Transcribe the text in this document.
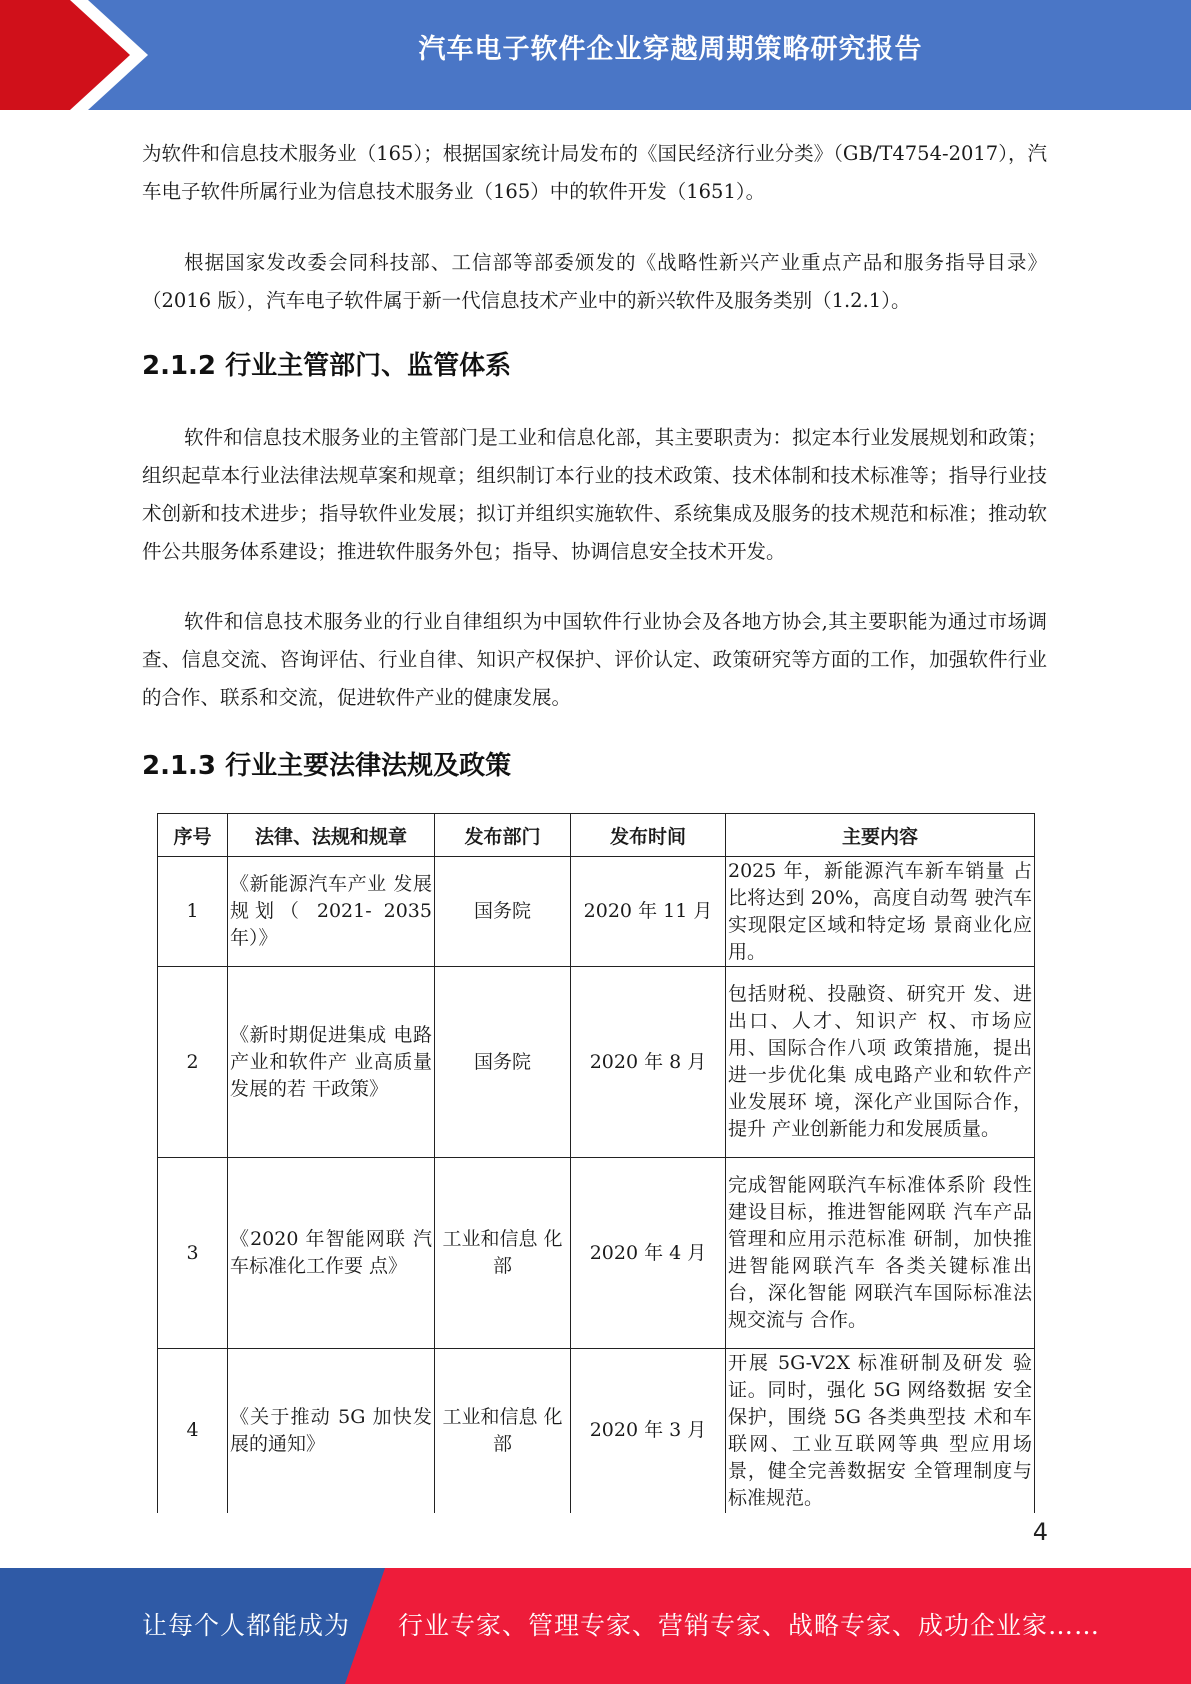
汽车电子软件企业穿越周期策略研究报告

为软件和信息技术服务业（165）；根据国家统计局发布的《国民经济行业分类》（GB/T4754-2017），汽车电子软件所属行业为信息技术服务业（165）中的软件开发（1651）。

根据国家发改委会同科技部、工信部等部委颁发的《战略性新兴产业重点产品和服务指导目录》（2016 版），汽车电子软件属于新一代信息技术产业中的新兴软件及服务类别（1.2.1）。

2.1.2 行业主管部门、监管体系

软件和信息技术服务业的主管部门是工业和信息化部，其主要职责为：拟定本行业发展规划和政策；组织起草本行业法律法规草案和规章；组织制订本行业的技术政策、技术体制和技术标准等；指导行业技术创新和技术进步；指导软件业发展；拟订并组织实施软件、系统集成及服务的技术规范和标准；推动软件公共服务体系建设；推进软件服务外包；指导、协调信息安全技术开发。

软件和信息技术服务业的行业自律组织为中国软件行业协会及各地方协会,其主要职能为通过市场调查、信息交流、咨询评估、行业自律、知识产权保护、评价认定、政策研究等方面的工作，加强软件行业的合作、联系和交流，促进软件产业的健康发展。

2.1.3 行业主要法律法规及政策
序号	法律、法规和规章	发布部门	发布时间	主要内容
1	《新能源汽车产业 发展规划（ 2021- 2035 年）》	国务院	2020 年 11 月	2025 年，新能源汽车新车销量 占比将达到 20%，高度自动驾 驶汽车实现限定区域和特定场 景商业化应用。
2	《新时期促进集成 电路产业和软件产 业高质量发展的若 干政策》	国务院	2020 年 8 月	包括财税、投融资、研究开 发、进出口、人才、知识产 权、市场应用、国际合作八项 政策措施，提出进一步优化集 成电路产业和软件产业发展环 境，深化产业国际合作，提升 产业创新能力和发展质量。
3	《2020 年智能网联 汽车标准化工作要 点》	工业和信息 化部	2020 年 4 月	完成智能网联汽车标准体系阶 段性建设目标，推进智能网联 汽车产品管理和应用示范标准 研制，加快推进智能网联汽车 各类关键标准出台，深化智能 网联汽车国际标准法规交流与 合作。
4	《关于推动 5G 加快发展的通知》	工业和信息 化部	2020 年 3 月	开展 5G-V2X 标准研制及研发 验证。同时，强化 5G 网络数据 安全保护，围绕 5G 各类典型技 术和车联网、工业互联网等典 型应用场景，健全完善数据安 全管理制度与标准规范。
4
让每个人都能成为 行业专家、管理专家、营销专家、战略专家、成功企业家……
